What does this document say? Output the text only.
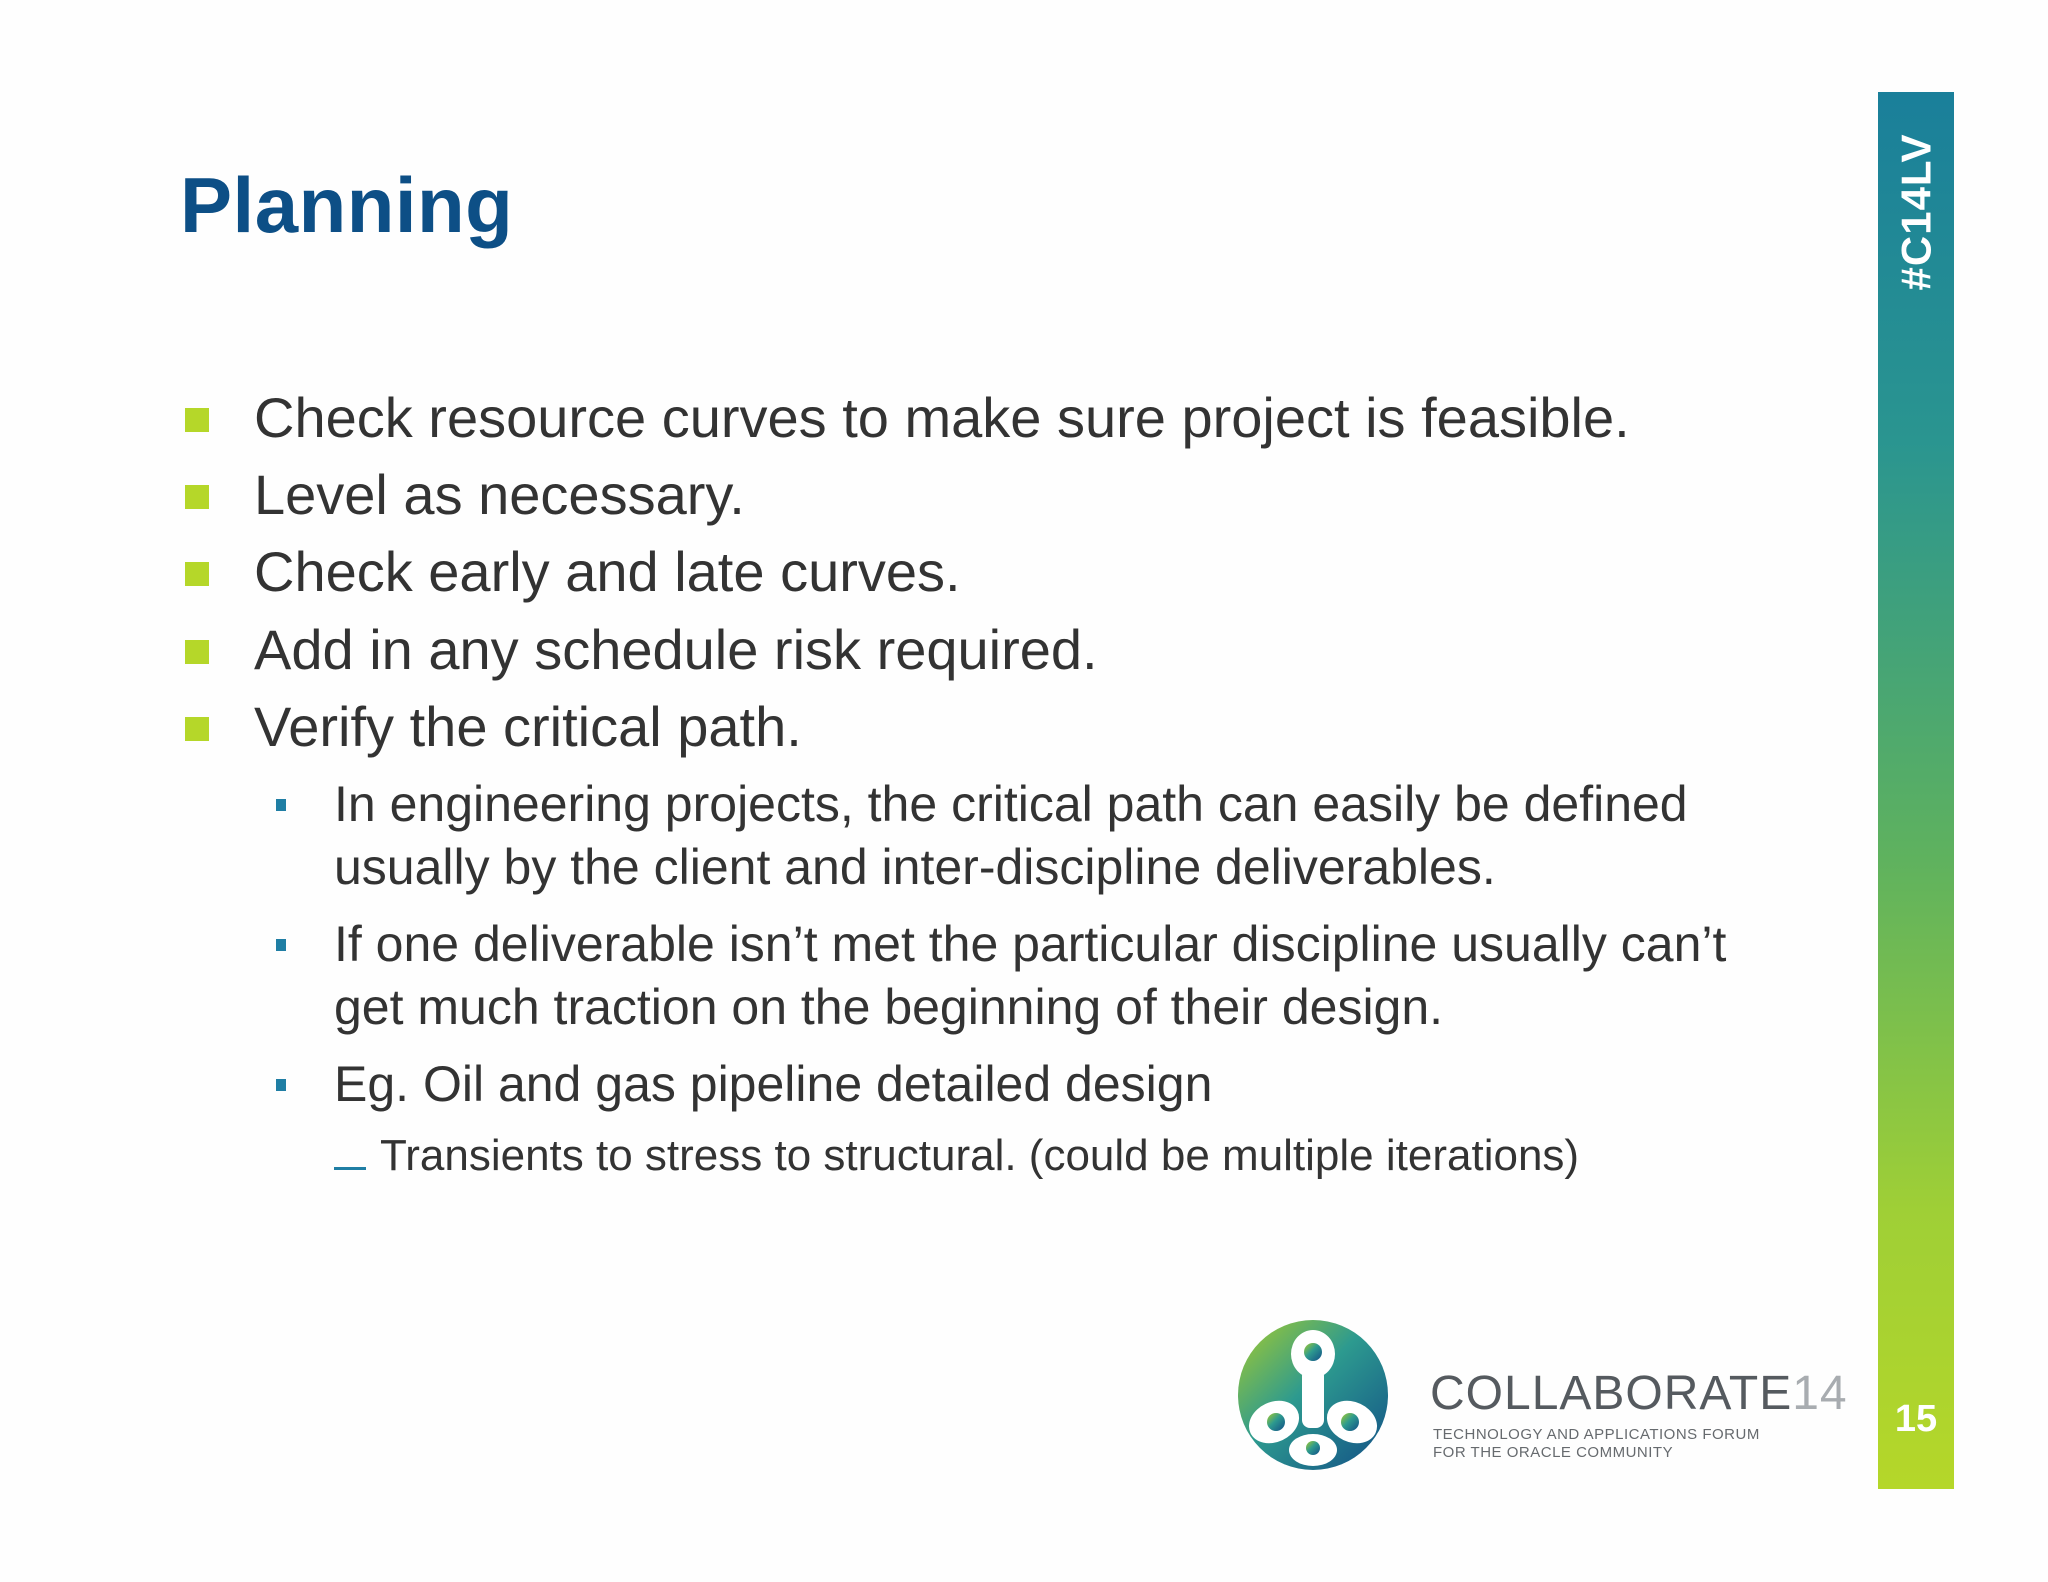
Planning
Check resource curves to make sure project is feasible.
Level as necessary.
Check early and late curves.
Add in any schedule risk required.
Verify the critical path.
In engineering projects, the critical path can easily be defined
usually by the client and inter-discipline deliverables.
If one deliverable isn’t met the particular discipline usually can’t
get much traction on the beginning of their design.
Eg. Oil and gas pipeline detailed design
Transients to stress to structural. (could be multiple iterations)
#C14LV
15
COLLABORATE14
TECHNOLOGY AND APPLICATIONS FORUM
FOR THE ORACLE COMMUNITY
